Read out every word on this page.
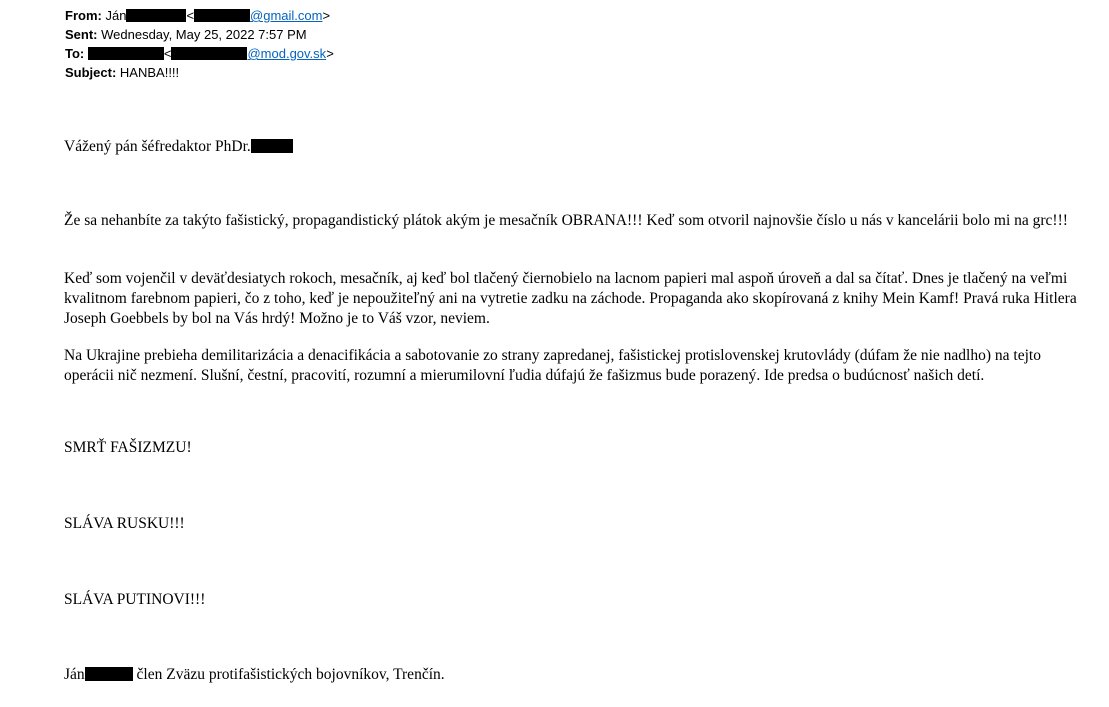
From: Ján	<	@gmail.com>
Sent: Wednesday, May 25, 2022 7:57 PM
To:	<	@mod.gov.sk>
Subject: HANBA!!!!

Vážený pán šéfredaktor PhDr.

Že sa nehanbíte za takýto fašistický, propagandistický plátok akým je mesačník OBRANA!!! Keď som otvoril najnovšie číslo u nás v kancelárii bolo mi na grc!!!

Keď som vojenčil v deväťdesiatych rokoch, mesačník, aj keď bol tlačený čiernobielo na lacnom papieri mal aspoň úroveň a dal sa čítať. Dnes je tlačený na veľmi kvalitnom farebnom papieri, čo z toho, keď je nepoužiteľný ani na vytretie zadku na záchode. Propaganda ako skopírovaná z knihy Mein Kamf! Pravá ruka Hitlera Joseph Goebbels by bol na Vás hrdý! Možno je to Váš vzor, neviem.

Na Ukrajine prebieha demilitarizácia a denacifikácia a sabotovanie zo strany zapredanej, fašistickej protislovenskej krutovlády (dúfam že nie nadlho) na tejto operácii nič nezmení. Slušní, čestní, pracovití, rozumní a mierumilovní ľudia dúfajú že fašizmus bude porazený. Ide predsa o budúcnosť našich detí.

SMRŤ FAŠIZMZU!

SLÁVA RUSKU!!!

SLÁVA PUTINOVI!!!

Ján	člen Zväzu protifašistických bojovníkov, Trenčín.
